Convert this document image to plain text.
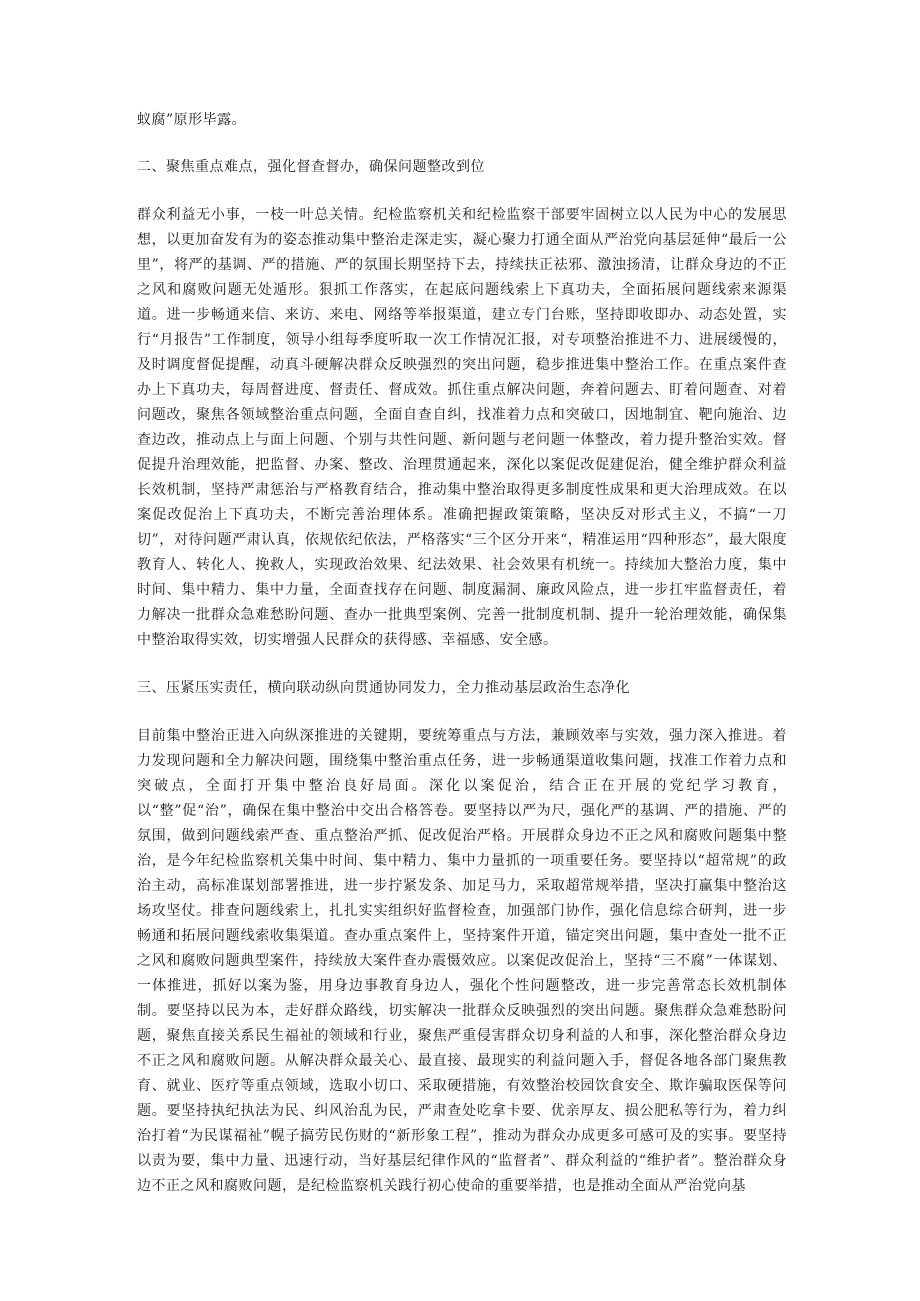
蚁腐”原形毕露。

二、聚焦重点难点，强化督查督办，确保问题整改到位

群众利益无小事，一枝一叶总关情。纪检监察机关和纪检监察干部要牢固树立以人民为中心的发展思想，以更加奋发有为的姿态推动集中整治走深走实，凝心聚力打通全面从严治党向基层延伸“最后一公里”，将严的基调、严的措施、严的氛围长期坚持下去，持续扶正祛邪、激浊扬清，让群众身边的不正之风和腐败问题无处遁形。狠抓工作落实，在起底问题线索上下真功夫，全面拓展问题线索来源渠道。进一步畅通来信、来访、来电、网络等举报渠道，建立专门台账，坚持即收即办、动态处置，实行“月报告”工作制度，领导小组每季度听取一次工作情况汇报，对专项整治推进不力、进展缓慢的，及时调度督促提醒，动真斗硬解决群众反映强烈的突出问题，稳步推进集中整治工作。在重点案件查办上下真功夫，每周督进度、督责任、督成效。抓住重点解决问题，奔着问题去、盯着问题查、对着问题改，聚焦各领域整治重点问题，全面自查自纠，找准着力点和突破口，因地制宜、靶向施治、边查边改，推动点上与面上问题、个别与共性问题、新问题与老问题一体整改，着力提升整治实效。督促提升治理效能，把监督、办案、整改、治理贯通起来，深化以案促改促建促治，健全维护群众利益长效机制，坚持严肃惩治与严格教育结合，推动集中整治取得更多制度性成果和更大治理成效。在以案促改促治上下真功夫，不断完善治理体系。准确把握政策策略，坚决反对形式主义，不搞“一刀切”，对待问题严肃认真，依规依纪依法，严格落实“三个区分开来“，精准运用“四种形态”，最大限度教育人、转化人、挽救人，实现政治效果、纪法效果、社会效果有机统一。持续加大整治力度，集中时间、集中精力、集中力量，全面查找存在问题、制度漏洞、廉政风险点，进一步扛牢监督责任，着力解决一批群众急难愁盼问题、查办一批典型案例、完善一批制度机制、提升一轮治理效能，确保集中整治取得实效，切实增强人民群众的获得感、幸福感、安全感。

三、压紧压实责任，横向联动纵向贯通协同发力，全力推动基层政治生态净化

目前集中整治正进入向纵深推进的关键期，要统筹重点与方法，兼顾效率与实效，强力深入推进。着力发现问题和全力解决问题，围绕集中整治重点任务，进一步畅通渠道收集问题，找准工作着力点和突破点，全面打开集中整治良好局面。深化以案促治，结合正在开展的党纪学习教育，以“整”促“治”，确保在集中整治中交出合格答卷。要坚持以严为尺，强化严的基调、严的措施、严的氛围，做到问题线索严查、重点整治严抓、促改促治严格。开展群众身边不正之风和腐败问题集中整治，是今年纪检监察机关集中时间、集中精力、集中力量抓的一项重要任务。要坚持以“超常规”的政治主动，高标准谋划部署推进，进一步拧紧发条、加足马力，采取超常规举措，坚决打赢集中整治这场攻坚仗。排查问题线索上，扎扎实实组织好监督检查，加强部门协作，强化信息综合研判，进一步畅通和拓展问题线索收集渠道。查办重点案件上，坚持案件开道，锚定突出问题，集中查处一批不正之风和腐败问题典型案件，持续放大案件查办震慑效应。以案促改促治上，坚持“三不腐”一体谋划、一体推进，抓好以案为鉴，用身边事教育身边人，强化个性问题整改，进一步完善常态长效机制体制。要坚持以民为本，走好群众路线，切实解决一批群众反映强烈的突出问题。聚焦群众急难愁盼问题，聚焦直接关系民生福祉的领域和行业，聚焦严重侵害群众切身利益的人和事，深化整治群众身边不正之风和腐败问题。从解决群众最关心、最直接、最现实的利益问题入手，督促各地各部门聚焦教育、就业、医疗等重点领域，选取小切口、采取硬措施，有效整治校园饮食安全、欺诈骗取医保等问题。要坚持执纪执法为民、纠风治乱为民，严肃查处吃拿卡要、优亲厚友、损公肥私等行为，着力纠治打着“为民谋福祉”幌子搞劳民伤财的“新形象工程”，推动为群众办成更多可感可及的实事。要坚持以责为要，集中力量、迅速行动，当好基层纪律作风的“监督者”、群众利益的“维护者”。整治群众身边不正之风和腐败问题，是纪检监察机关践行初心使命的重要举措，也是推动全面从严治党向基
